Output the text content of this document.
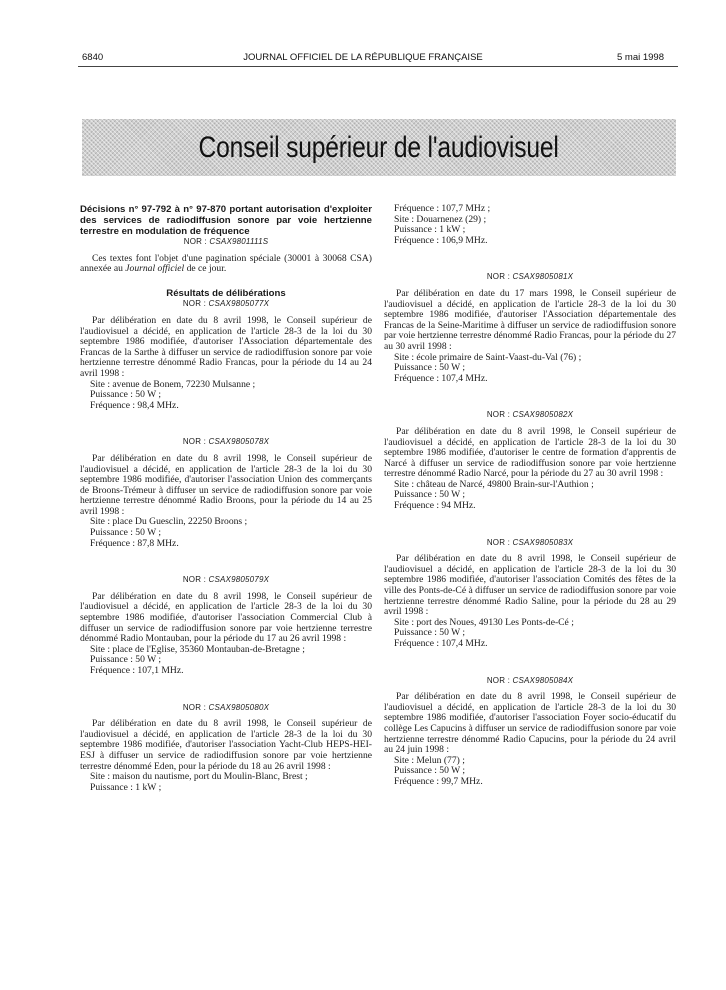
6840	JOURNAL OFFICIEL DE LA RÉPUBLIQUE FRANÇAISE	5 mai 1998
Conseil supérieur de l'audiovisuel

Décisions n° 97-792 à n° 97-870 portant autorisation d'exploiter des services de radiodiffusion sonore par voie hertzienne terrestre en modulation de fréquence

NOR : CSAX9801111S

Ces textes font l'objet d'une pagination spéciale (30001 à 30068 CSA) annexée au Journal officiel de ce jour.

Résultats de délibérations

NOR : CSAX9805077X

Par délibération en date du 8 avril 1998, le Conseil supérieur de l'audiovisuel a décidé, en application de l'article 28-3 de la loi du 30 septembre 1986 modifiée, d'autoriser l'Association départementale des Francas de la Sarthe à diffuser un service de radiodiffusion sonore par voie hertzienne terrestre dénommé Radio Francas, pour la période du 14 au 24 avril 1998 :

Site : avenue de Bonem, 72230 Mulsanne ;

Puissance : 50 W ;

Fréquence : 98,4 MHz.

NOR : CSAX9805078X

Par délibération en date du 8 avril 1998, le Conseil supérieur de l'audiovisuel a décidé, en application de l'article 28-3 de la loi du 30 septembre 1986 modifiée, d'autoriser l'association Union des commerçants de Broons-Trémeur à diffuser un service de radiodiffusion sonore par voie hertzienne terrestre dénommé Radio Broons, pour la période du 14 au 25 avril 1998 :

Site : place Du Guesclin, 22250 Broons ;

Puissance : 50 W ;

Fréquence : 87,8 MHz.

NOR : CSAX9805079X

Par délibération en date du 8 avril 1998, le Conseil supérieur de l'audiovisuel a décidé, en application de l'article 28-3 de la loi du 30 septembre 1986 modifiée, d'autoriser l'association Commercial Club à diffuser un service de radiodiffusion sonore par voie hertzienne terrestre dénommé Radio Montauban, pour la période du 17 au 26 avril 1998 :

Site : place de l'Eglise, 35360 Montauban-de-Bretagne ;

Puissance : 50 W ;

Fréquence : 107,1 MHz.

NOR : CSAX9805080X

Par délibération en date du 8 avril 1998, le Conseil supérieur de l'audiovisuel a décidé, en application de l'article 28-3 de la loi du 30 septembre 1986 modifiée, d'autoriser l'association Yacht-Club HEPS-HEI-ESJ à diffuser un service de radiodiffusion sonore par voie hertzienne terrestre dénommé Eden, pour la période du 18 au 26 avril 1998 :

Site : maison du nautisme, port du Moulin-Blanc, Brest ;

Puissance : 1 kW ;

Fréquence : 107,7 MHz ;

Site : Douarnenez (29) ;

Puissance : 1 kW ;

Fréquence : 106,9 MHz.

NOR : CSAX9805081X

Par délibération en date du 17 mars 1998, le Conseil supérieur de l'audiovisuel a décidé, en application de l'article 28-3 de la loi du 30 septembre 1986 modifiée, d'autoriser l'Association départementale des Francas de la Seine-Maritime à diffuser un service de radiodiffusion sonore par voie hertzienne terrestre dénommé Radio Francas, pour la période du 27 au 30 avril 1998 :

Site : école primaire de Saint-Vaast-du-Val (76) ;

Puissance : 50 W ;

Fréquence : 107,4 MHz.

NOR : CSAX9805082X

Par délibération en date du 8 avril 1998, le Conseil supérieur de l'audiovisuel a décidé, en application de l'article 28-3 de la loi du 30 septembre 1986 modifiée, d'autoriser le centre de formation d'apprentis de Narcé à diffuser un service de radiodiffusion sonore par voie hertzienne terrestre dénommé Radio Narcé, pour la période du 27 au 30 avril 1998 :

Site : château de Narcé, 49800 Brain-sur-l'Authion ;

Puissance : 50 W ;

Fréquence : 94 MHz.

NOR : CSAX9805083X

Par délibération en date du 8 avril 1998, le Conseil supérieur de l'audiovisuel a décidé, en application de l'article 28-3 de la loi du 30 septembre 1986 modifiée, d'autoriser l'association Comités des fêtes de la ville des Ponts-de-Cé à diffuser un service de radiodiffusion sonore par voie hertzienne terrestre dénommé Radio Saline, pour la période du 28 au 29 avril 1998 :

Site : port des Noues, 49130 Les Ponts-de-Cé ;

Puissance : 50 W ;

Fréquence : 107,4 MHz.

NOR : CSAX9805084X

Par délibération en date du 8 avril 1998, le Conseil supérieur de l'audiovisuel a décidé, en application de l'article 28-3 de la loi du 30 septembre 1986 modifiée, d'autoriser l'association Foyer socio-éducatif du collège Les Capucins à diffuser un service de radiodiffusion sonore par voie hertzienne terrestre dénommé Radio Capucins, pour la période du 24 avril au 24 juin 1998 :

Site : Melun (77) ;

Puissance : 50 W ;

Fréquence : 99,7 MHz.
